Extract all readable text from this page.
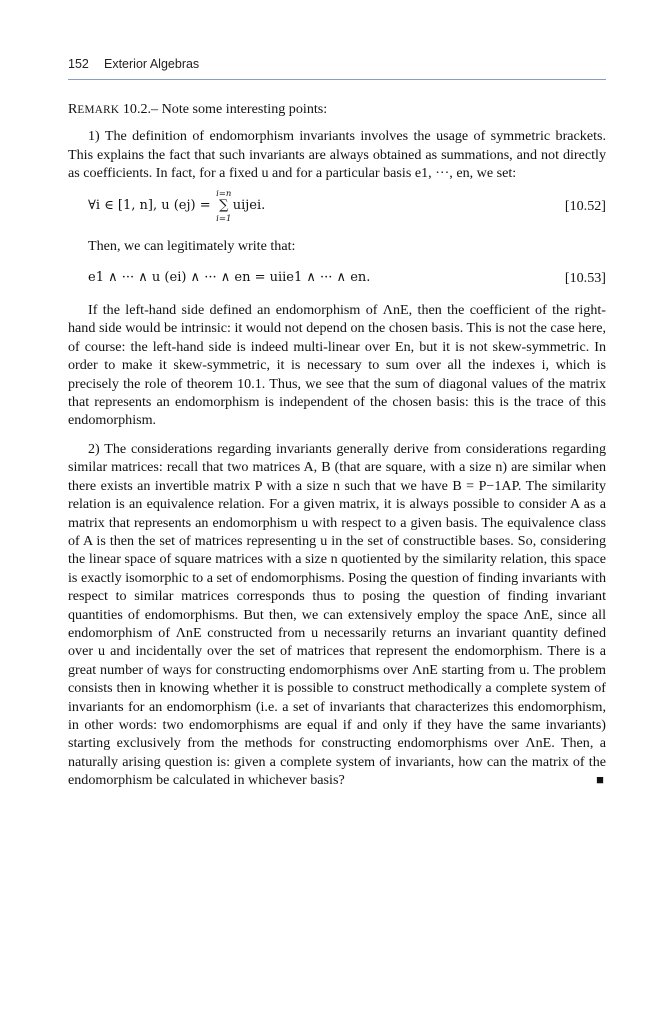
152 Exterior Algebras

REMARK 10.2.– Note some interesting points:

1) The definition of endomorphism invariants involves the usage of symmetric brackets. This explains the fact that such invariants are always obtained as summations, and not directly as coefficients. In fact, for a fixed u and for a particular basis e1, ···, en, we set:

∀i ∈ [1, n], u (ej) =
i=n
∑
i=1
uijei.	[10.52]

Then, we can legitimately write that:

e1 ∧ ··· ∧ u (ei) ∧ ··· ∧ en = uiie1 ∧ ··· ∧ en.	[10.53]

If the left-hand side defined an endomorphism of ΛnE, then the coefficient of the right-hand side would be intrinsic: it would not depend on the chosen basis. This is not the case here, of course: the left-hand side is indeed multi-linear over En, but it is not skew-symmetric. In order to make it skew-symmetric, it is necessary to sum over all the indexes i, which is precisely the role of theorem 10.1. Thus, we see that the sum of diagonal values of the matrix that represents an endomorphism is independent of the chosen basis: this is the trace of this endomorphism.

2) The considerations regarding invariants generally derive from considerations regarding similar matrices: recall that two matrices A, B (that are square, with a size n) are similar when there exists an invertible matrix P with a size n such that we have B = P−1AP. The similarity relation is an equivalence relation. For a given matrix, it is always possible to consider A as a matrix that represents an endomorphism u with respect to a given basis. The equivalence class of A is then the set of matrices representing u in the set of constructible bases. So, considering the linear space of square matrices with a size n quotiented by the similarity relation, this space is exactly isomorphic to a set of endomorphisms. Posing the question of finding invariants with respect to similar matrices corresponds thus to posing the question of finding invariant quantities of endomorphisms. But then, we can extensively employ the space ΛnE, since all endomorphism of ΛnE constructed from u necessarily returns an invariant quantity defined over u and incidentally over the set of matrices that represent the endomorphism. There is a great number of ways for constructing endomorphisms over ΛnE starting from u. The problem consists then in knowing whether it is possible to construct methodically a complete system of invariants for an endomorphism (i.e. a set of invariants that characterizes this endomorphism, in other words: two endomorphisms are equal if and only if they have the same invariants) starting exclusively from the methods for constructing endomorphisms over ΛnE. Then, a naturally arising question is: given a complete system of invariants, how can the matrix of the endomorphism be calculated in whichever basis?	■
